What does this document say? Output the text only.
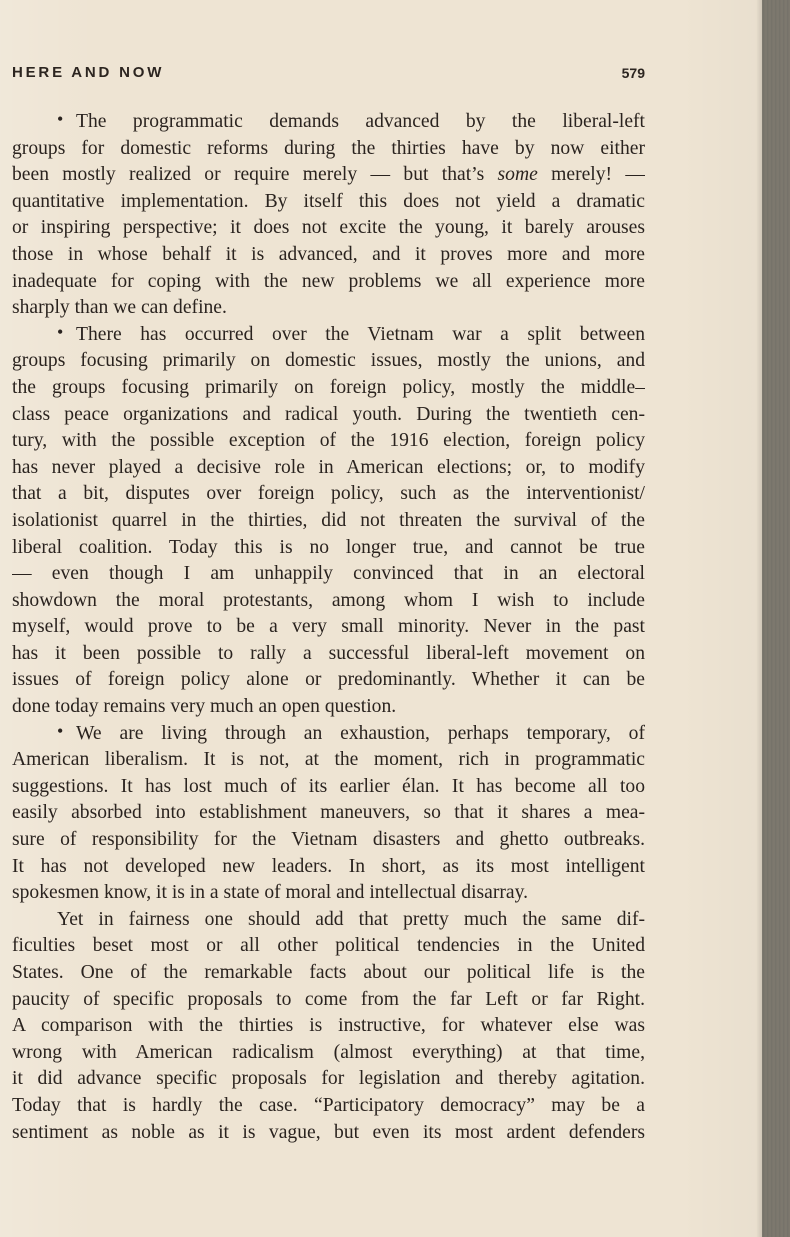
HERE AND NOW	579
• The programmatic demands advanced by the liberal-left
groups for domestic reforms during the thirties have by now either
been mostly realized or require merely — but that’s some merely! —
quantitative implementation. By itself this does not yield a dramatic
or inspiring perspective; it does not excite the young, it barely arouses
those in whose behalf it is advanced, and it proves more and more
inadequate for coping with the new problems we all experience more
sharply than we can define.
• There has occurred over the Vietnam war a split between
groups focusing primarily on domestic issues, mostly the unions, and
the groups focusing primarily on foreign policy, mostly the middle–
class peace organizations and radical youth. During the twentieth cen-
tury, with the possible exception of the 1916 election, foreign policy
has never played a decisive role in American elections; or, to modify
that a bit, disputes over foreign policy, such as the interventionist/
isolationist quarrel in the thirties, did not threaten the survival of the
liberal coalition. Today this is no longer true, and cannot be true
— even though I am unhappily convinced that in an electoral
showdown the moral protestants, among whom I wish to include
myself, would prove to be a very small minority. Never in the past
has it been possible to rally a successful liberal-left movement on
issues of foreign policy alone or predominantly. Whether it can be
done today remains very much an open question.
• We are living through an exhaustion, perhaps temporary, of
American liberalism. It is not, at the moment, rich in programmatic
suggestions. It has lost much of its earlier élan. It has become all too
easily absorbed into establishment maneuvers, so that it shares a mea-
sure of responsibility for the Vietnam disasters and ghetto outbreaks.
It has not developed new leaders. In short, as its most intelligent
spokesmen know, it is in a state of moral and intellectual disarray.
Yet in fairness one should add that pretty much the same dif-
ficulties beset most or all other political tendencies in the United
States. One of the remarkable facts about our political life is the
paucity of specific proposals to come from the far Left or far Right.
A comparison with the thirties is instructive, for whatever else was
wrong with American radicalism (almost everything) at that time,
it did advance specific proposals for legislation and thereby agitation.
Today that is hardly the case. “Participatory democracy” may be a
sentiment as noble as it is vague, but even its most ardent defenders
